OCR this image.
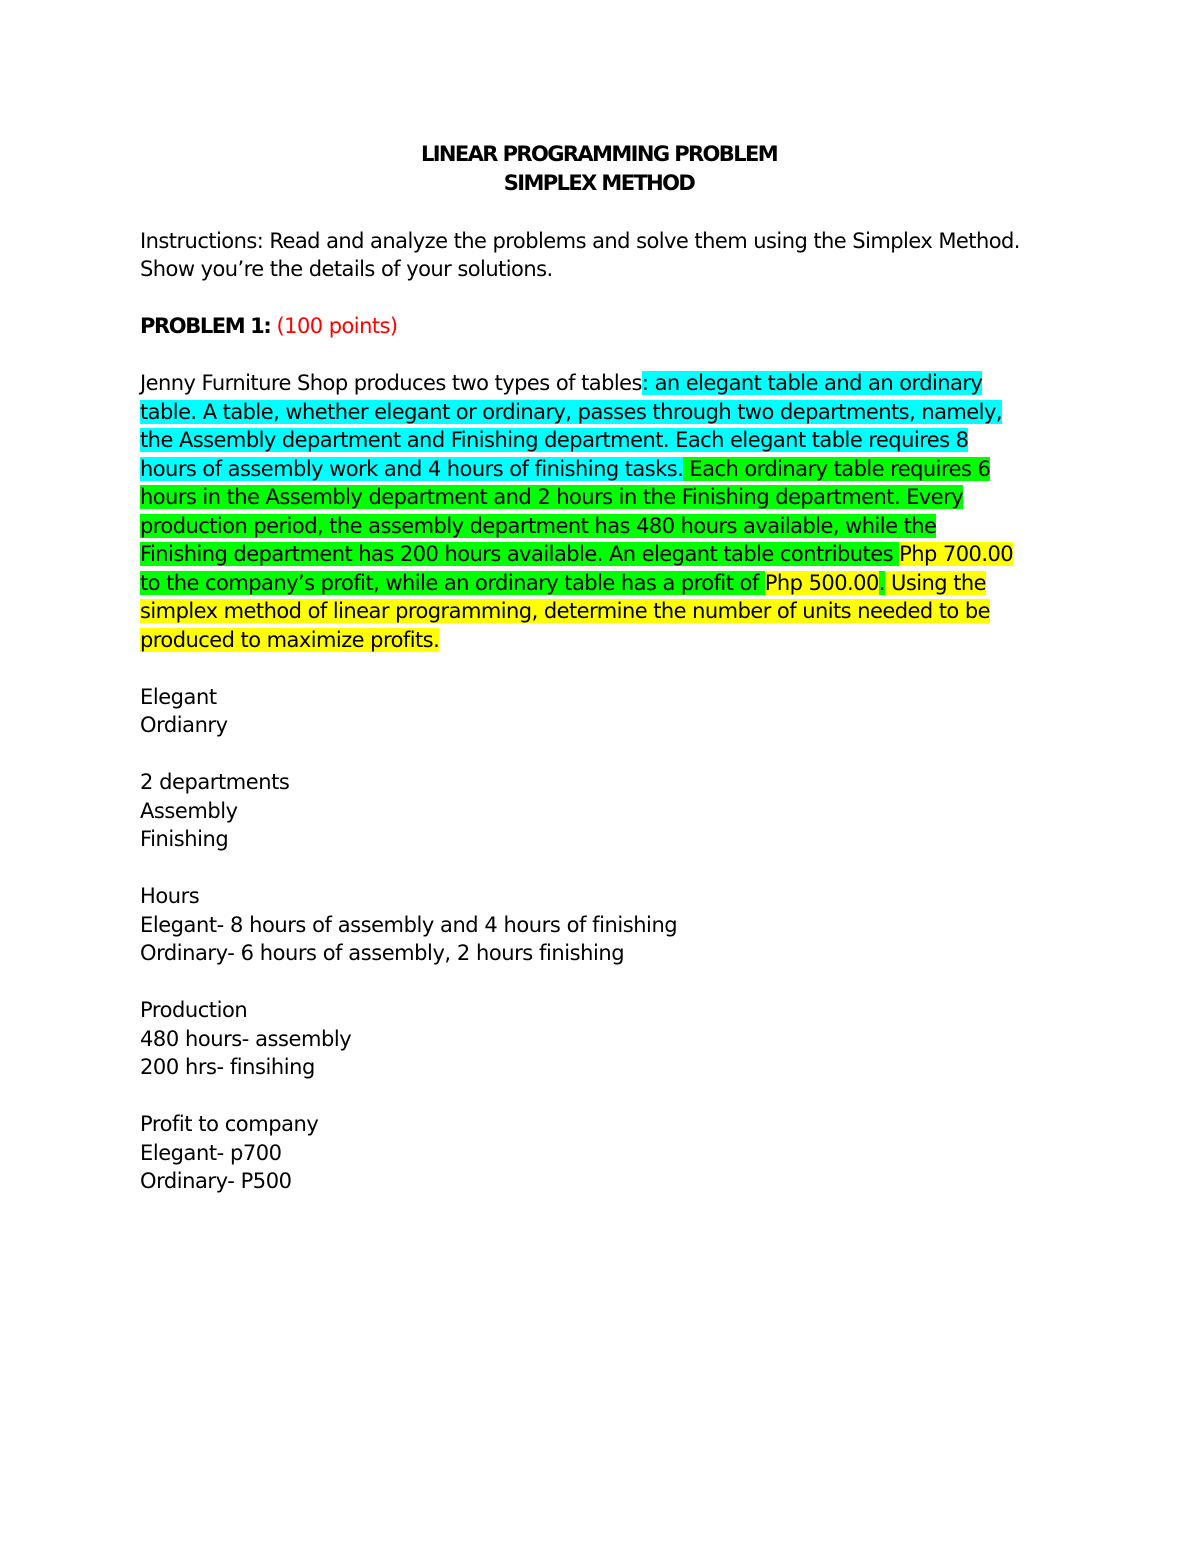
LINEAR PROGRAMMING PROBLEM
SIMPLEX METHOD
Instructions: Read and analyze the problems and solve them using the Simplex Method.
Show you’re the details of your solutions.
PROBLEM 1: (100 points)
Jenny Furniture Shop produces two types of tables: an elegant table and an ordinary
table. A table, whether elegant or ordinary, passes through two departments, namely,
the Assembly department and Finishing department. Each elegant table requires 8
hours of assembly work and 4 hours of finishing tasks. Each ordinary table requires 6
hours in the Assembly department and 2 hours in the Finishing department. Every
production period, the assembly department has 480 hours available, while the
Finishing department has 200 hours available. An elegant table contributes Php 700.00
to the company’s profit, while an ordinary table has a profit of Php 500.00. Using the
simplex method of linear programming, determine the number of units needed to be
produced to maximize profits.
Elegant
Ordianry
2 departments
Assembly
Finishing
Hours
Elegant- 8 hours of assembly and 4 hours of finishing
Ordinary- 6 hours of assembly, 2 hours finishing
Production
480 hours- assembly
200 hrs- finsihing
Profit to company
Elegant- p700
Ordinary- P500
